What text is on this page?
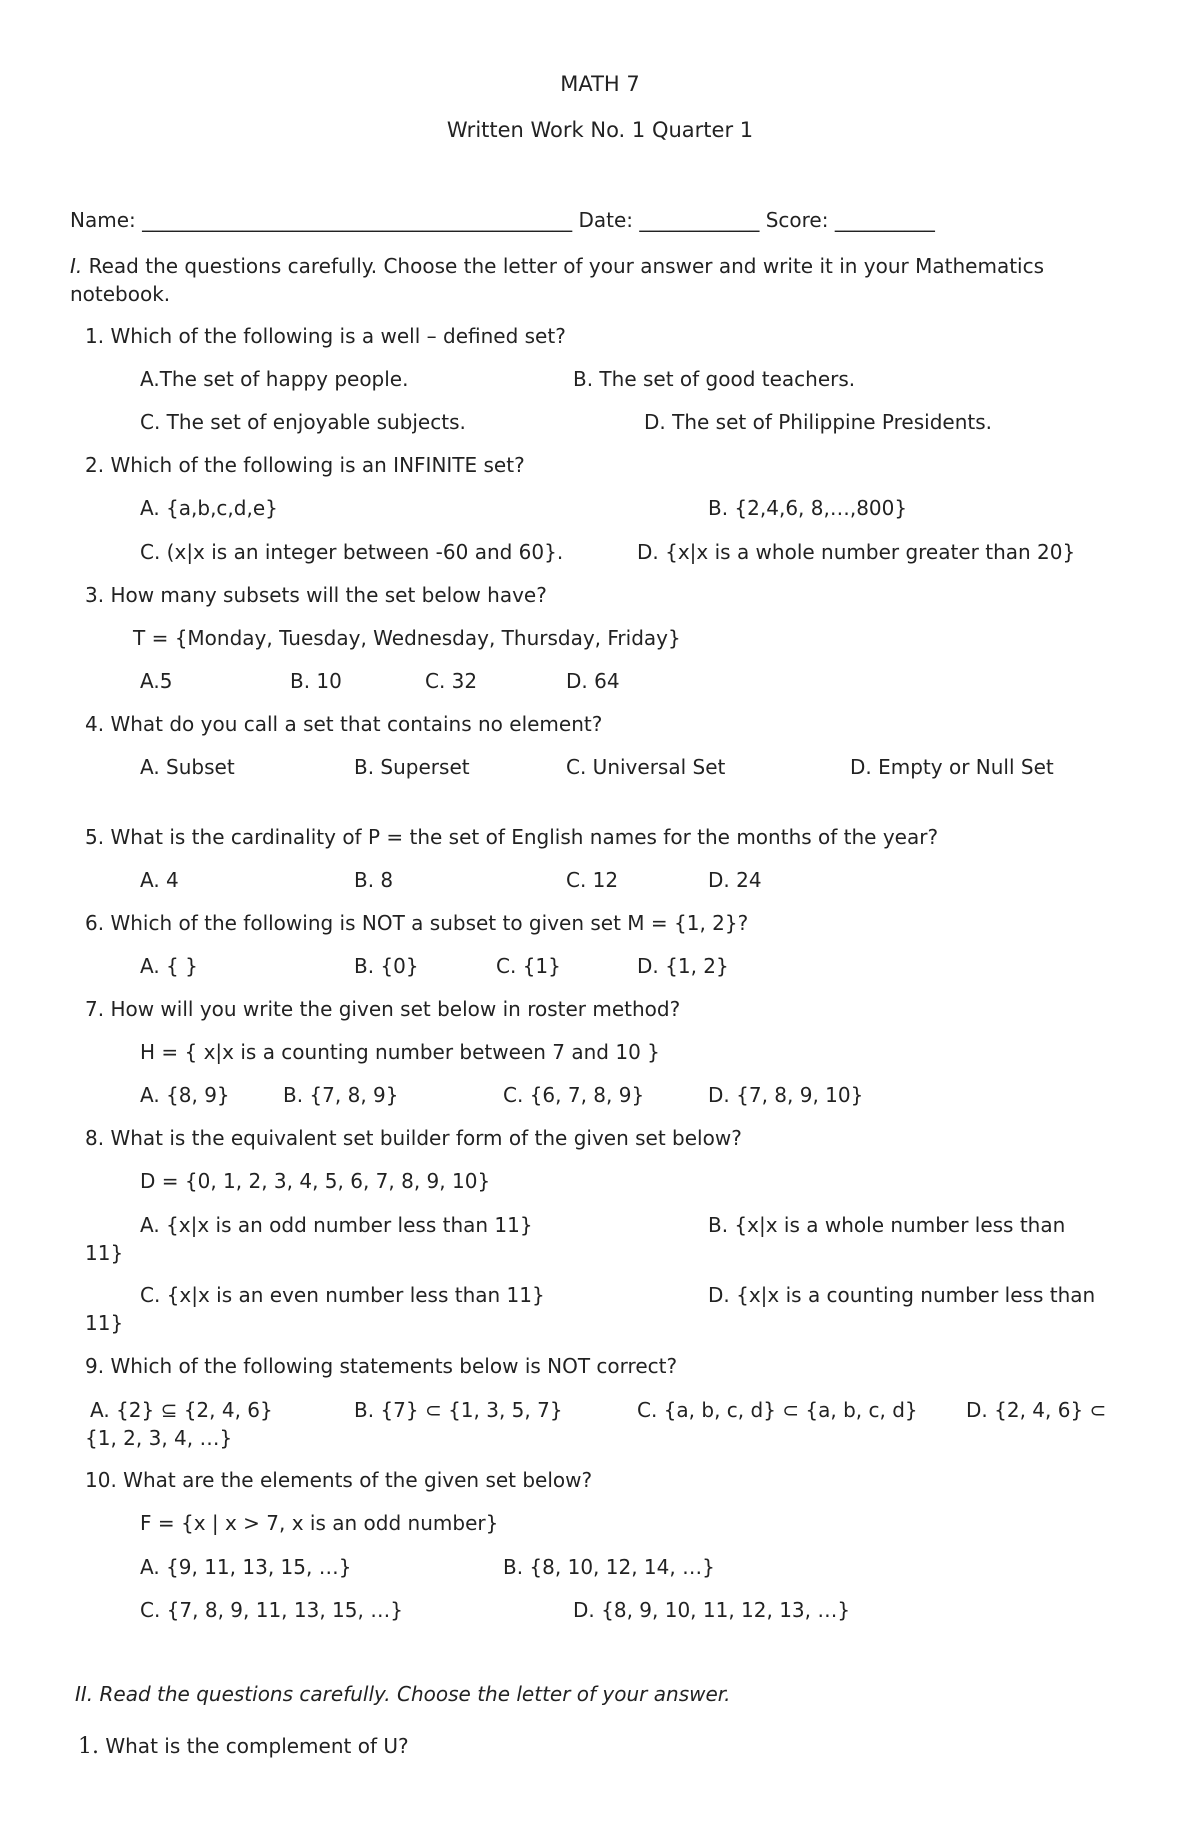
MATH 7
Written Work No. 1 Quarter 1
Name: ___________________________________________ Date: ____________ Score: __________
I. Read the questions carefully. Choose the letter of your answer and write it in your Mathematics
notebook.
1. Which of the following is a well – defined set?
A.The set of happy people.	B. The set of good teachers.
C. The set of enjoyable subjects.	D. The set of Philippine Presidents.
2. Which of the following is an INFINITE set?
A. {a,b,c,d,e}	B. {2,4,6, 8,…,800}
C. (x|x is an integer between -60 and 60}.	D. {x|x is a whole number greater than 20}
3. How many subsets will the set below have?
T = {Monday, Tuesday, Wednesday, Thursday, Friday}
A.5	B. 10	C. 32	D. 64
4. What do you call a set that contains no element?
A. Subset	B. Superset	C. Universal Set	D. Empty or Null Set
5. What is the cardinality of P = the set of English names for the months of the year?
A. 4	B. 8	C. 12	D. 24
6. Which of the following is NOT a subset to given set M = {1, 2}?
A. { }	B. {0}	C. {1}	D. {1, 2}
7. How will you write the given set below in roster method?
H = { x|x is a counting number between 7 and 10 }
A. {8, 9}	B. {7, 8, 9}	C. {6, 7, 8, 9}	D. {7, 8, 9, 10}
8. What is the equivalent set builder form of the given set below?
D = {0, 1, 2, 3, 4, 5, 6, 7, 8, 9, 10}
A. {x|x is an odd number less than 11}	B. {x|x is a whole number less than
11}
C. {x|x is an even number less than 11}	D. {x|x is a counting number less than
11}
9. Which of the following statements below is NOT correct?
A. {2} ⊆ {2, 4, 6}	B. {7} ⊂ {1, 3, 5, 7}	C. {a, b, c, d} ⊂ {a, b, c, d} D. {2, 4, 6} ⊂
{1, 2, 3, 4, …}
10. What are the elements of the given set below?
F = {x | x > 7, x is an odd number}
A. {9, 11, 13, 15, …}	B. {8, 10, 12, 14, …}
C. {7, 8, 9, 11, 13, 15, …}	D. {8, 9, 10, 11, 12, 13, …}
II. Read the questions carefully. Choose the letter of your answer.
1. What is the complement of U?
